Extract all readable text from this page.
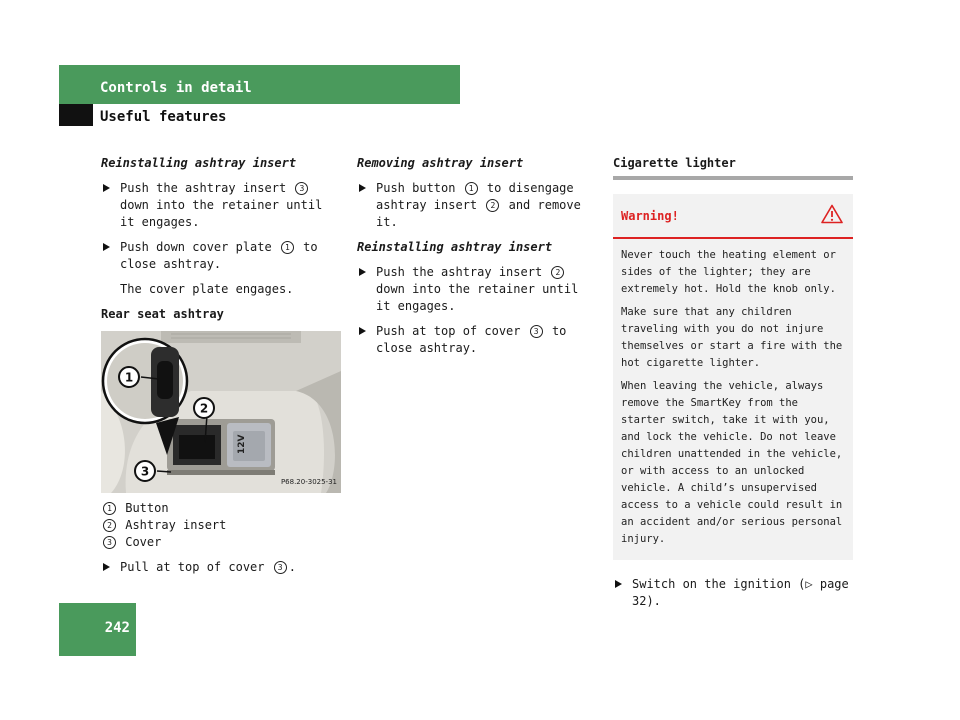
Controls in detail
Useful features

Reinstalling ashtray insert

Push the ashtray insert 3 down into the retainer until it engages.

Push down cover plate 1 to close ashtray.

The cover plate engages.

Rear seat ashtray

12V
1
2
3
P68.20-3025-31
1 Button
2 Ashtray insert
3 Cover

Pull at top of cover 3 .

Removing ashtray insert

Push button 1 to disengage ashtray insert 2 and remove it.

Reinstalling ashtray insert

Push the ashtray insert 2 down into the retainer until it engages.

Push at top of cover 3 to close ashtray.

Cigarette lighter

Warning!

Never touch the heating element or sides of the lighter; they are extremely hot. Hold the knob only.

Make sure that any children traveling with you do not injure themselves or start a fire with the hot cigarette lighter.

When leaving the vehicle, always remove the SmartKey from the starter switch, take it with you, and lock the vehicle. Do not leave children unattended in the vehicle, or with access to an unlocked vehicle. A child’s unsupervised access to a vehicle could result in an accident and/or serious personal injury.

Switch on the ignition (▷ page 32).

242
